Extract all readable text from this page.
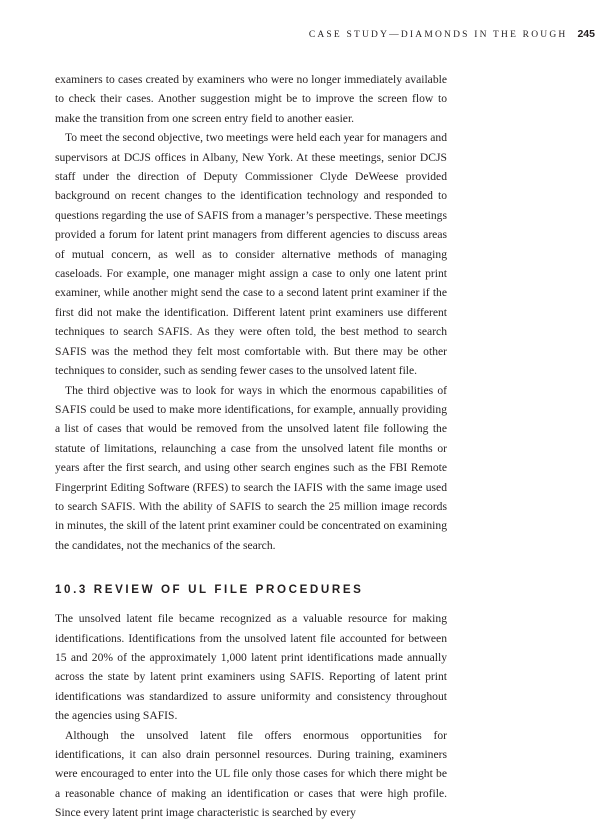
CASE STUDY—DIAMONDS IN THE ROUGH 245

examiners to cases created by examiners who were no longer immediately available to check their cases. Another suggestion might be to improve the screen flow to make the transition from one screen entry field to another easier.

To meet the second objective, two meetings were held each year for managers and supervisors at DCJS offices in Albany, New York. At these meetings, senior DCJS staff under the direction of Deputy Commissioner Clyde DeWeese provided background on recent changes to the identification technology and responded to questions regarding the use of SAFIS from a manager’s perspective. These meetings provided a forum for latent print managers from different agencies to discuss areas of mutual concern, as well as to consider alternative methods of managing caseloads. For example, one manager might assign a case to only one latent print examiner, while another might send the case to a second latent print examiner if the first did not make the identification. Different latent print examiners use different techniques to search SAFIS. As they were often told, the best method to search SAFIS was the method they felt most comfortable with. But there may be other techniques to consider, such as sending fewer cases to the unsolved latent file.

The third objective was to look for ways in which the enormous capabilities of SAFIS could be used to make more identifications, for example, annually providing a list of cases that would be removed from the unsolved latent file following the statute of limitations, relaunching a case from the unsolved latent file months or years after the first search, and using other search engines such as the FBI Remote Fingerprint Editing Software (RFES) to search the IAFIS with the same image used to search SAFIS. With the ability of SAFIS to search the 25 million image records in minutes, the skill of the latent print examiner could be concentrated on examining the candidates, not the mechanics of the search.

10.3 REVIEW OF UL FILE PROCEDURES

The unsolved latent file became recognized as a valuable resource for making identifications. Identifications from the unsolved latent file accounted for between 15 and 20% of the approximately 1,000 latent print identifications made annually across the state by latent print examiners using SAFIS. Reporting of latent print identifications was standardized to assure uniformity and consistency throughout the agencies using SAFIS.

Although the unsolved latent file offers enormous opportunities for identifications, it can also drain personnel resources. During training, examiners were encouraged to enter into the UL file only those cases for which there might be a reasonable chance of making an identification or cases that were high profile. Since every latent print image characteristic is searched by every
